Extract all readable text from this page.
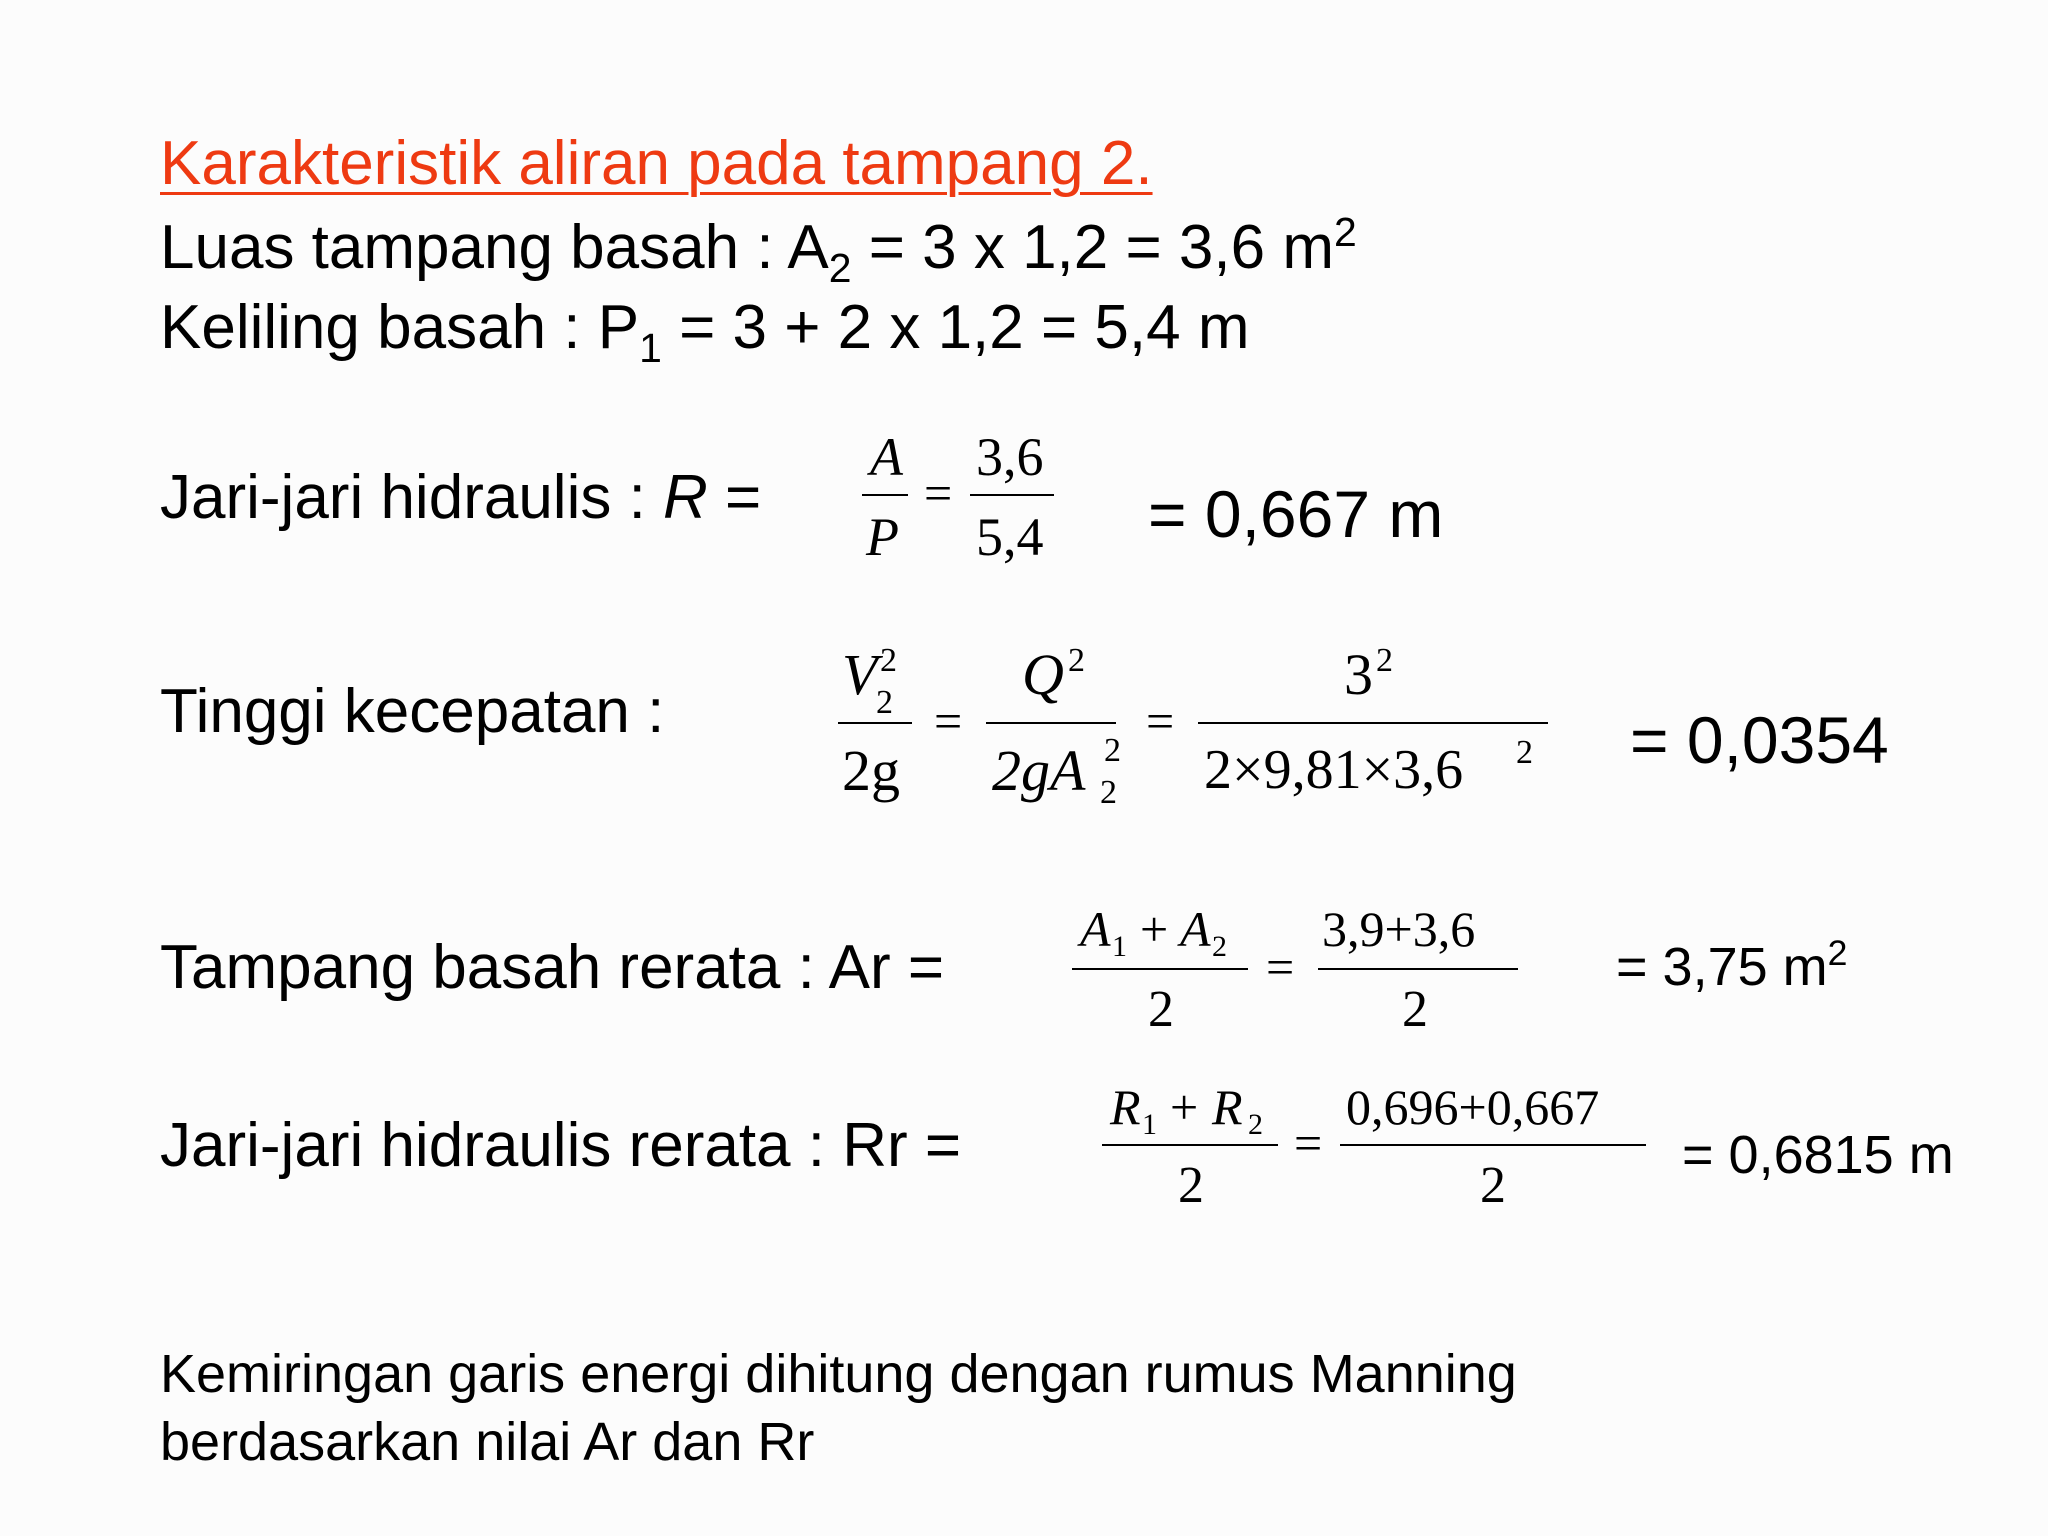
Karakteristik aliran pada tampang 2.
Luas tampang basah : $A_2 = 3$ x 1,2 = 3,6 $m^2$
Keliling basah : $P_1 = 3 + 2$ x 1,2 = 5,4 m
Jari-jari hidraulis : R =
A
P
=
3,6
5,4 = 0,667 m
Tinggi kecepatan :
V 2
2
2g
=
Q 2
2gA 2
2
=
3 2
2×9,81×3,6 2 = 0,0354
Tampang basah rerata : Ar =
A 1 + A 2
2
=
3,9+3,6
2
= 3,75 $m^2$
Jari-jari hidraulis rerata : Rr =
R 1 + R 2
2
=
0,696+0,667
2
= 0,6815 m
Kemiringan garis energi dihitung dengan rumus Manning
berdasarkan nilai Ar dan Rr
